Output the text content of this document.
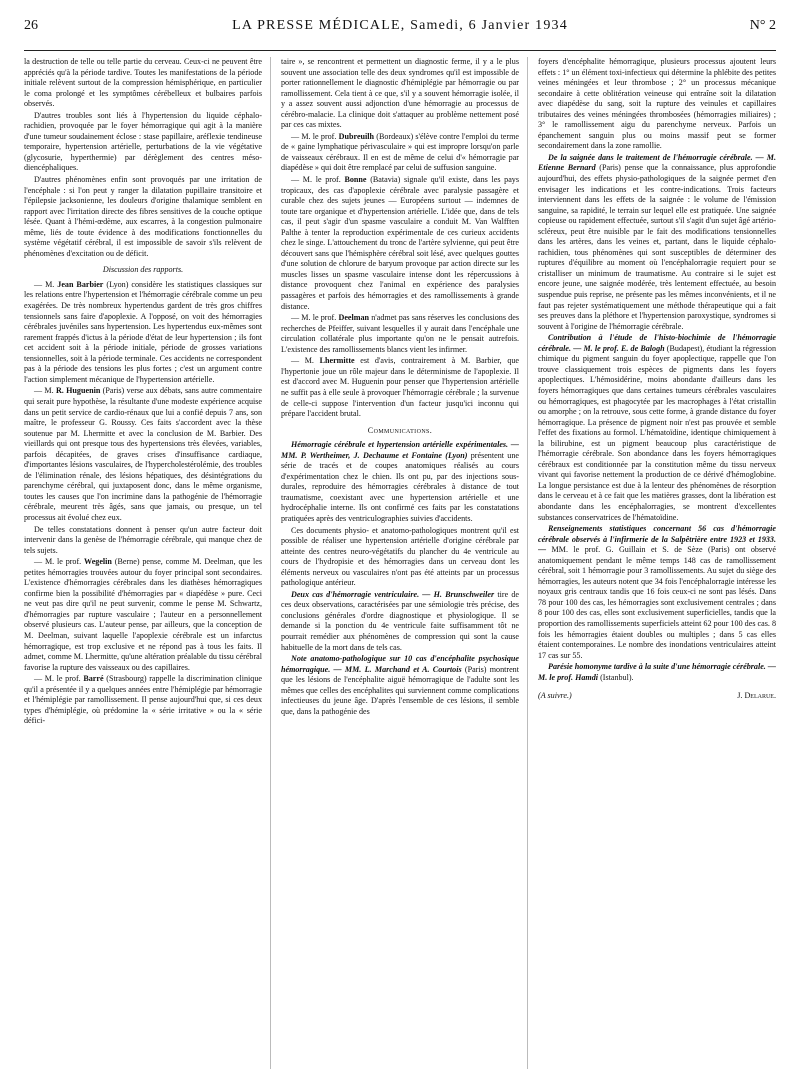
26	LA PRESSE MÉDICALE, Samedi, 6 Janvier 1934	N° 2

la destruction de telle ou telle partie du cerveau. Ceux-ci ne peuvent être appréciés qu'à la période tardive. Toutes les manifestations de la période initiale relèvent surtout de la compression hémisphérique, en particulier le coma prolongé et les symptômes cérébelleux et bulbaires parfois observés.

D'autres troubles sont liés à l'hypertension du liquide céphalo-rachidien, provoquée par le foyer hémorragique qui agit à la manière d'une tumeur soudainement éclose : stase papillaire, aréflexie tendineuse temporaire, hypertension artérielle, perturbations de la vie végétative (glycosurie, hyperthermie) par dérèglement des centres méso-diencéphaliques.

D'autres phénomènes enfin sont provoqués par une irritation de l'encéphale : si l'on peut y ranger la dilatation pupillaire transitoire et l'épilepsie jacksonienne, les douleurs d'origine thalamique semblent en rapport avec l'irritation directe des fibres sensitives de la couche optique lésée. Quant à l'hémi-œdème, aux escarres, à la congestion pulmonaire même, liés de toute évidence à des modifications fonctionnelles du système végétatif cérébral, il est impossible de savoir s'ils relèvent de phénomènes d'excitation ou de déficit.

Discussion des rapports.

— M. Jean Barbier (Lyon) considère les statistiques classiques sur les relations entre l'hypertension et l'hémorragie cérébrale comme un peu exagérées. De très nombreux hypertendus gardent de très gros chiffres tensionnels sans faire d'apoplexie. A l'opposé, on voit des hémorragies cérébrales juvéniles sans hypertension. Les hypertendus eux-mêmes sont rarement frappés d'ictus à la période d'état de leur hypertension ; ils font cet accident soit à la période initiale, période de grosses variations tensionnelles, soit à la période terminale. Ces accidents ne correspondent pas à la période des tensions les plus fortes ; c'est un argument contre l'action simplement mécanique de l'hypertension artérielle.

— M. R. Huguenin (Paris) verse aux débats, sans autre commentaire qui serait pure hypothèse, la résultante d'une modeste expérience acquise dans un petit service de cardio-rénaux que lui a confié depuis 7 ans, son maître, le professeur G. Roussy. Ces faits s'accordent avec la thèse soutenue par M. Lhermitte et avec la conclusion de M. Barbier. Des vieillards qui ont presque tous des hypertensions très élevées, variables, parfois décapitées, de graves crises d'insuffisance cardiaque, d'importantes lésions vasculaires, de l'hypercholestérolémie, des troubles de l'élimination rénale, des lésions hépatiques, des désintégrations du parenchyme cérébral, qui juxtaposent donc, dans le même organisme, toutes les causes que l'on incrimine dans la pathogénie de l'hémorragie cérébrale, meurent très âgés, sans que jamais, ou presque, un tel processus ait évolué chez eux.

De telles constatations donnent à penser qu'un autre facteur doit intervenir dans la genèse de l'hémorragie cérébrale, qui manque chez de tels sujets.

— M. le prof. Wegelin (Berne) pense, comme M. Deelman, que les petites hémorragies trouvées autour du foyer principal sont secondaires. L'existence d'hémorragies cérébrales dans les diathèses hémorragiques confirme bien la possibilité d'hémorragies par « diapédèse » pure. Ceci ne veut pas dire qu'il ne peut survenir, comme le pense M. Schwartz, d'hémorragies par rupture vasculaire ; l'auteur en a personnellement observé plusieurs cas. L'auteur pense, par ailleurs, que la conception de M. Deelman, suivant laquelle l'apoplexie cérébrale est un infarctus hémorragique, est trop exclusive et ne répond pas à tous les faits. Il admet, comme M. Lhermitte, qu'une altération préalable du tissu cérébral favorise la rupture des vaisseaux ou des capillaires.

— M. le prof. Barré (Strasbourg) rappelle la discrimination clinique qu'il a présentée il y a quelques années entre l'hémiplégie par hémorragie et l'hémiplégie par ramollissement. Il pense aujourd'hui que, si ces deux types d'hémiplégie, où prédomine la « série irritative » ou la « série défici-

taire », se rencontrent et permettent un diagnostic ferme, il y a le plus souvent une association telle des deux syndromes qu'il est impossible de porter rationnellement le diagnostic d'hémiplégie par hémorragie ou par ramollissement. Cela tient à ce que, s'il y a souvent hémorragie isolée, il y a assez souvent aussi adjonction d'une hémorragie au processus de cérébro-malacie. La clinique doit s'attaquer au problème nettement posé par ces cas mixtes.

— M. le prof. Dubreuilh (Bordeaux) s'élève contre l'emploi du terme de « gaine lymphatique périvasculaire » qui est impropre lorsqu'on parle de vaisseaux cérébraux. Il en est de même de celui d'« hémorragie par diapédèse » qui doit être remplacé par celui de suffusion sanguine.

— M. le prof. Bonne (Batavia) signale qu'il existe, dans les pays tropicaux, des cas d'apoplexie cérébrale avec paralysie passagère et curable chez des sujets jeunes — Européens surtout — indemnes de toute tare organique et d'hypertension artérielle. L'idée que, dans de tels cas, il peut s'agir d'un spasme vasculaire a conduit M. Van Walfften Palthe à tenter la reproduction expérimentale de ces curieux accidents chez le singe. L'attouchement du tronc de l'artère sylvienne, qui peut être découvert sans que l'hémisphère cérébral soit lésé, avec quelques gouttes d'une solution de chlorure de baryum provoque par action directe sur les muscles lisses un spasme vasculaire intense dont les répercussions à distance provoquent chez l'animal en expérience des paralysies passagères et parfois des hémorragies et des ramollissements à grande distance.

— M. le prof. Deelman n'admet pas sans réserves les conclusions des recherches de Pfeiffer, suivant lesquelles il y aurait dans l'encéphale une circulation collatérale plus importante qu'on ne le pensait autrefois. L'existence des ramollissements blancs vient les infirmer.

— M. Lhermitte est d'avis, contrairement à M. Barbier, que l'hypertonie joue un rôle majeur dans le déterminisme de l'apoplexie. Il est d'accord avec M. Huguenin pour penser que l'hypertension artérielle ne suffit pas à elle seule à provoquer l'hémorragie cérébrale ; la survenue de celle-ci suppose l'intervention d'un facteur jusqu'ici inconnu qui prépare l'accident brutal.

Communications.

Hémorragie cérébrale et hypertension artérielle expérimentales. — MM. P. Wertheimer, J. Dechaume et Fontaine (Lyon) présentent une série de tracés et de coupes anatomiques réalisés au cours d'expérimentation chez le chien. Ils ont pu, par des injections sous-durales, reproduire des hémorragies cérébrales à distance de tout traumatisme, coexistant avec une hypertension artérielle et une hydrocéphalie interne. Ils ont confirmé ces faits par les constatations pratiquées après des ventriculographies suivies d'accidents.

Ces documents physio- et anatomo-pathologiques montrent qu'il est possible de réaliser une hypertension artérielle d'origine cérébrale par atteinte des centres neuro-végétatifs du plancher du 4e ventricule au cours de l'hydropisie et des hémorragies dans un cerveau dont les éléments nerveux ou vasculaires n'ont pas été atteints par un processus pathologique antérieur.

Deux cas d'hémorragie ventriculaire. — H. Brunschweiler tire de ces deux observations, caractérisées par une sémiologie très précise, des conclusions générales d'ordre diagnostique et physiologique. Il se demande si la ponction du 4e ventricule faite suffisamment tôt ne pourrait remédier aux phénomènes de compression qui sont la cause habituelle de la mort dans de tels cas.

Note anatomo-pathologique sur 10 cas d'encéphalite psychosique hémorragique. — MM. L. Marchand et A. Courtois (Paris) montrent que les lésions de l'encéphalite aiguë hémorragique de l'adulte sont les mêmes que celles des encéphalites qui surviennent comme complications infectieuses du jeune âge. D'après l'ensemble de ces lésions, il semble que, dans la pathogénie des

foyers d'encéphalite hémorragique, plusieurs processus ajoutent leurs effets : 1° un élément toxi-infectieux qui détermine la phlébite des petites veines méningées et leur thrombose ; 2° un processus mécanique secondaire à cette oblitération veineuse qui entraîne soit la dilatation avec diapédèse du sang, soit la rupture des veinules et capillaires tributaires des veines méningées thrombosées (hémorragies miliaires) ; 3° le ramollissement aigu du parenchyme nerveux. Parfois un épanchement sanguin plus ou moins massif peut se former secondairement dans la zone ramollie.

De la saignée dans le traitement de l'hémorragie cérébrale. — M. Etienne Bernard (Paris) pense que la connaissance, plus approfondie aujourd'hui, des effets physio-pathologiques de la saignée permet d'en envisager les indications et les contre-indications. Trois facteurs interviennent dans les effets de la saignée : le volume de l'émission sanguine, sa rapidité, le terrain sur lequel elle est pratiquée. Une saignée copieuse ou rapidement effectuée, surtout s'il s'agit d'un sujet âgé artério-scléreux, peut être nuisible par le fait des modifications tensionnelles dans les artères, dans les veines et, partant, dans le liquide céphalo-rachidien, tous phénomènes qui sont susceptibles de déterminer des ruptures d'équilibre au moment où l'encéphalorragie requiert pour se cristalliser un minimum de traumatisme. Au contraire si le sujet est encore jeune, une saignée modérée, très lentement effectuée, au besoin suspendue puis reprise, ne présente pas les mêmes inconvénients, et il ne faut pas rejeter systématiquement une méthode thérapeutique qui a fait ses preuves dans la pléthore et l'hypertension paroxystique, syndromes si souvent à l'origine de l'hémorragie cérébrale.

Contribution à l'étude de l'histo-biochimie de l'hémorragie cérébrale. — M. le prof. E. de Balogh (Budapest), étudiant la régression chimique du pigment sanguin du foyer apoplectique, rappelle que l'on trouve classiquement trois espèces de pigments dans les foyers apoplectiques. L'hémosidérine, moins abondante d'ailleurs dans les foyers hémorragiques que dans certaines tumeurs cérébrales vasculaires ou hémorragiques, est phagocytée par les macrophages à l'état cristallin ou amorphe ; on la retrouve, sous cette forme, à grande distance du foyer hémorragique. La présence de pigment noir n'est pas prouvée et semble l'effet des fixations au formol. L'hématoïdine, identique chimiquement à la bilirubine, est un pigment beaucoup plus caractéristique de l'hémorragie cérébrale. Son abondance dans les foyers hémorragiques cérébraux est conditionnée par la constitution même du tissu nerveux vivant qui favorise nettement la production de ce dérivé d'hémoglobine. La longue persistance est due à la lenteur des phénomènes de résorption dans le cerveau et à ce fait que les matières grasses, dont la libération est abondante dans les encéphalorragies, se montrent d'excellentes substances conservatrices de l'hématoïdine.

Renseignements statistiques concernant 56 cas d'hémorragie cérébrale observés à l'infirmerie de la Salpêtrière entre 1923 et 1933. — MM. le prof. G. Guillain et S. de Sèze (Paris) ont observé anatomiquement pendant le même temps 148 cas de ramollissement cérébral, soit 1 hémorragie pour 3 ramollissements. Au sujet du siège des hémorragies, les auteurs notent que 34 fois l'encéphalorragie intéresse les noyaux gris centraux tandis que 16 fois ceux-ci ne sont pas lésés. Dans 78 pour 100 des cas, les hémorragies sont exclusivement centrales ; dans 8 pour 100 des cas, elles sont exclusivement superficielles, tandis que la proportion des ramollissements superficiels atteint 62 pour 100 des cas. 8 fois les hémorragies étaient doubles ou multiples ; dans 5 cas elles étaient contemporaines. Le nombre des inondations ventriculaires atteint 17 cas sur 55.

Parésie homonyme tardive à la suite d'une hémorragie cérébrale. — M. le prof. Hamdi (Istanbul).

(A suivre.)	J. Delarue.
